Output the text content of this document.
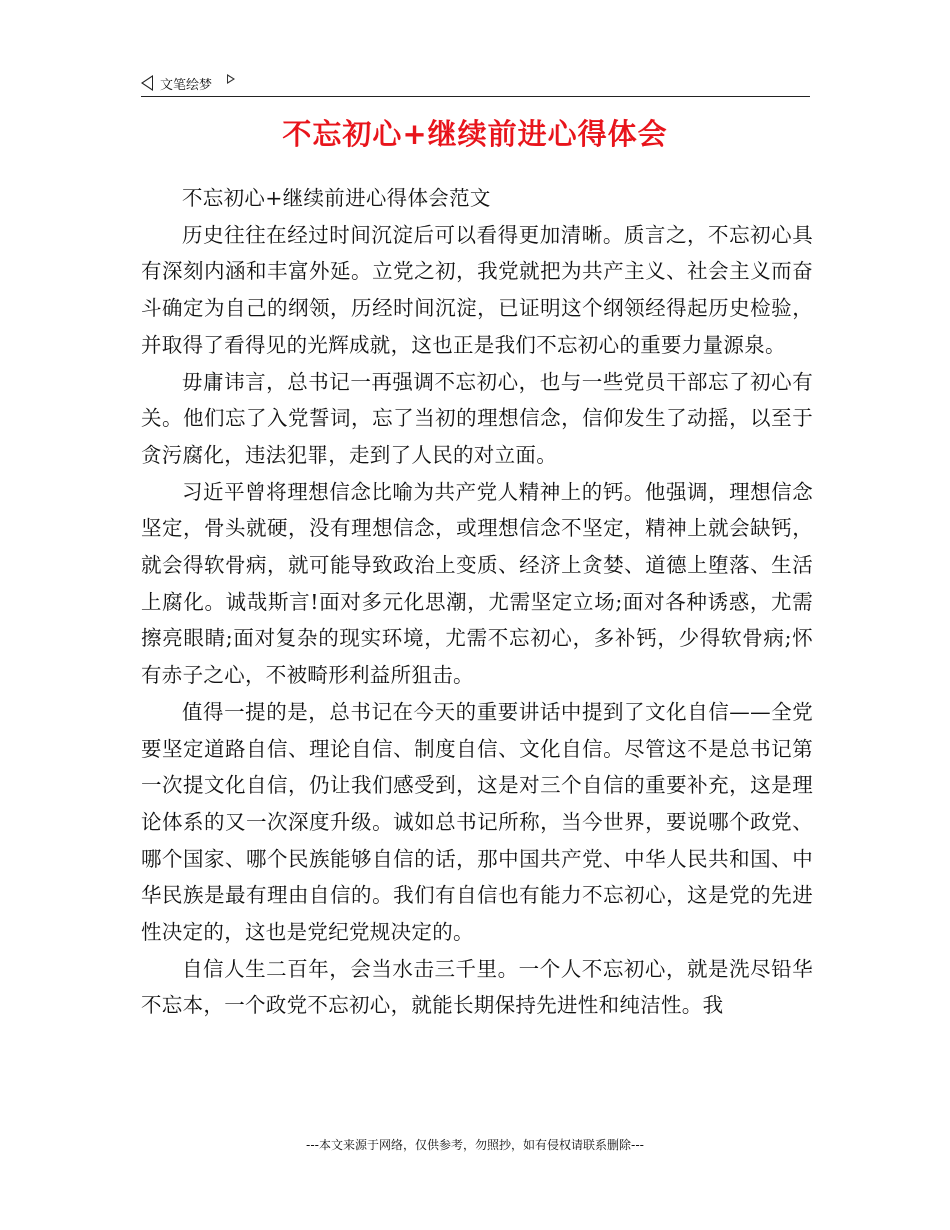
文笔绘梦
不忘初心+继续前进心得体会

不忘初心+继续前进心得体会范文

历史往往在经过时间沉淀后可以看得更加清晰。质言之，不忘初心具有深刻内涵和丰富外延。立党之初，我党就把为共产主义、社会主义而奋斗确定为自己的纲领，历经时间沉淀，已证明这个纲领经得起历史检验，并取得了看得见的光辉成就，这也正是我们不忘初心的重要力量源泉。

毋庸讳言，总书记一再强调不忘初心，也与一些党员干部忘了初心有关。他们忘了入党誓词，忘了当初的理想信念，信仰发生了动摇，以至于贪污腐化，违法犯罪，走到了人民的对立面。

习近平曾将理想信念比喻为共产党人精神上的钙。他强调，理想信念坚定，骨头就硬，没有理想信念，或理想信念不坚定，精神上就会缺钙，就会得软骨病，就可能导致政治上变质、经济上贪婪、道德上堕落、生活上腐化。诚哉斯言!面对多元化思潮，尤需坚定立场;面对各种诱惑，尤需擦亮眼睛;面对复杂的现实环境，尤需不忘初心，多补钙，少得软骨病;怀有赤子之心，不被畸形利益所狙击。

值得一提的是，总书记在今天的重要讲话中提到了文化自信——全党要坚定道路自信、理论自信、制度自信、文化自信。尽管这不是总书记第一次提文化自信，仍让我们感受到，这是对三个自信的重要补充，这是理论体系的又一次深度升级。诚如总书记所称，当今世界，要说哪个政党、哪个国家、哪个民族能够自信的话，那中国共产党、中华人民共和国、中华民族是最有理由自信的。我们有自信也有能力不忘初心，这是党的先进性决定的，这也是党纪党规决定的。

自信人生二百年，会当水击三千里。一个人不忘初心，就是洗尽铅华不忘本，一个政党不忘初心，就能长期保持先进性和纯洁性。我

---本文来源于网络，仅供参考，勿照抄，如有侵权请联系删除---
